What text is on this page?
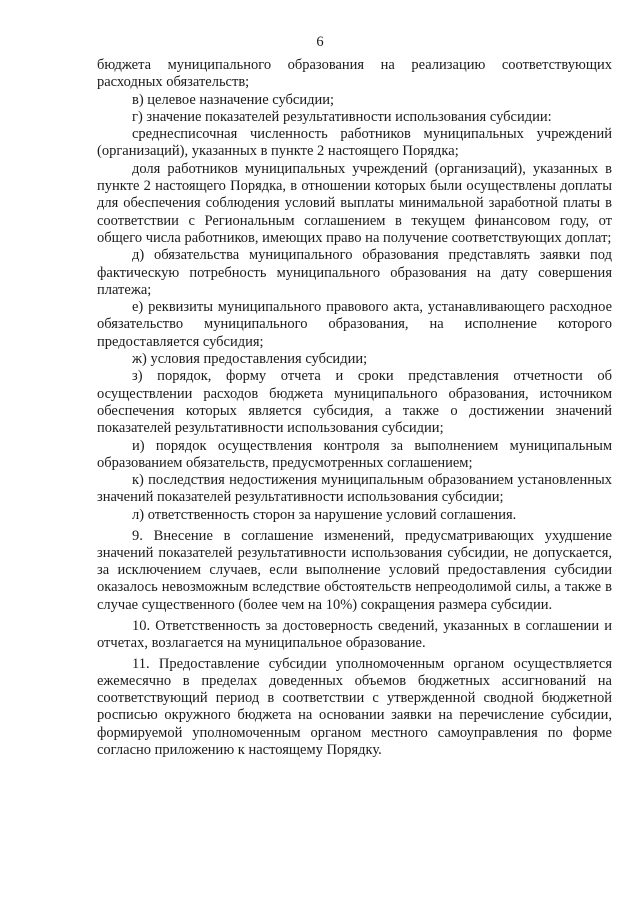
6

бюджета муниципального образования на реализацию соответствующих расходных обязательств;

в) целевое назначение субсидии;

г) значение показателей результативности использования субсидии:

среднесписочная численность работников муниципальных учреждений (организаций), указанных в пункте 2 настоящего Порядка;

доля работников муниципальных учреждений (организаций), указанных в пункте 2 настоящего Порядка, в отношении которых были осуществлены доплаты для обеспечения соблюдения условий выплаты минимальной заработной платы в соответствии с Региональным соглашением в текущем финансовом году, от общего числа работников, имеющих право на получение соответствующих доплат;

д) обязательства муниципального образования представлять заявки под фактическую потребность муниципального образования на дату совершения платежа;

е) реквизиты муниципального правового акта, устанавливающего расходное обязательство муниципального образования, на исполнение которого предоставляется субсидия;

ж) условия предоставления субсидии;

з) порядок, форму отчета и сроки представления отчетности об осуществлении расходов бюджета муниципального образования, источником обеспечения которых является субсидия, а также о достижении значений показателей результативности использования субсидии;

и) порядок осуществления контроля за выполнением муниципальным образованием обязательств, предусмотренных соглашением;

к) последствия недостижения муниципальным образованием установленных значений показателей результативности использования субсидии;

л) ответственность сторон за нарушение условий соглашения.

9. Внесение в соглашение изменений, предусматривающих ухудшение значений показателей результативности использования субсидии, не допускается, за исключением случаев, если выполнение условий предоставления субсидии оказалось невозможным вследствие обстоятельств непреодолимой силы, а также в случае существенного (более чем на 10%) сокращения размера субсидии.

10. Ответственность за достоверность сведений, указанных в соглашении и отчетах, возлагается на муниципальное образование.

11. Предоставление субсидии уполномоченным органом осуществляется ежемесячно в пределах доведенных объемов бюджетных ассигнований на соответствующий период в соответствии с утвержденной сводной бюджетной росписью окружного бюджета на основании заявки на перечисление субсидии, формируемой уполномоченным органом местного самоуправления по форме согласно приложению к настоящему Порядку.
